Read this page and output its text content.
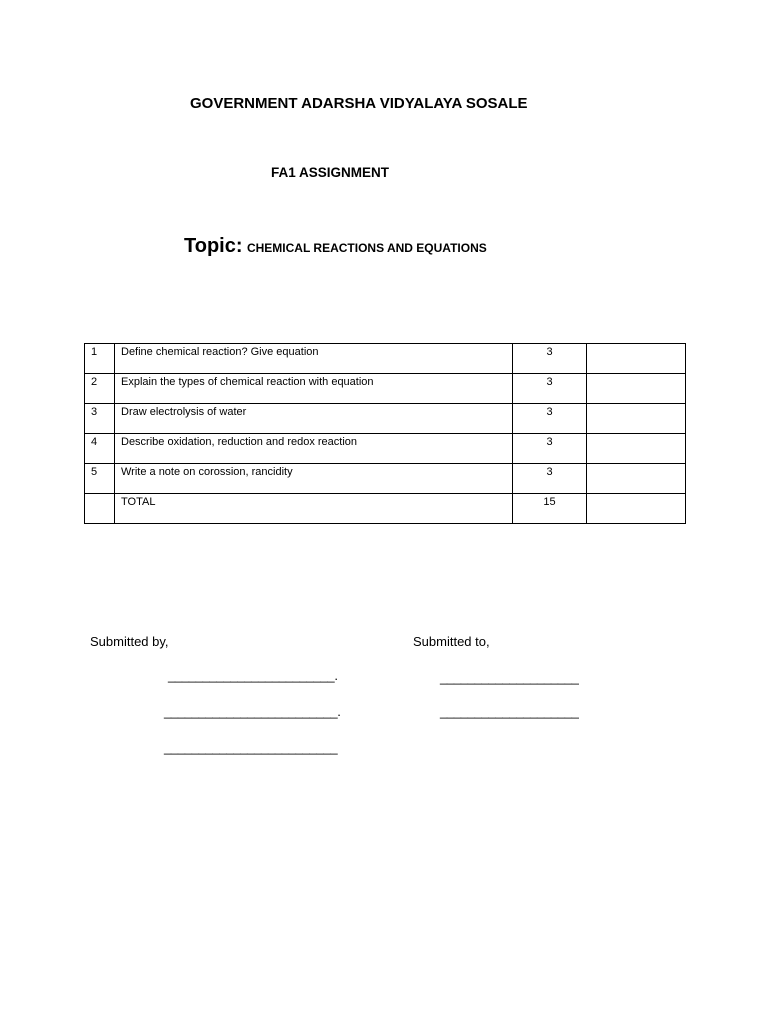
GOVERNMENT ADARSHA VIDYALAYA SOSALE
FA1 ASSIGNMENT
Topic: CHEMICAL REACTIONS AND EQUATIONS
1	Define chemical reaction? Give equation	3	
2	Explain the types of chemical reaction with equation	3	
3	Draw electrolysis of water	3	
4	Describe oxidation, reduction and redox reaction	3	
5	Write a note on corossion, rancidity	3	
	TOTAL	15	
Submitted by,	Submitted to,
________________________.
_________________________.
_________________________
____________________
____________________
